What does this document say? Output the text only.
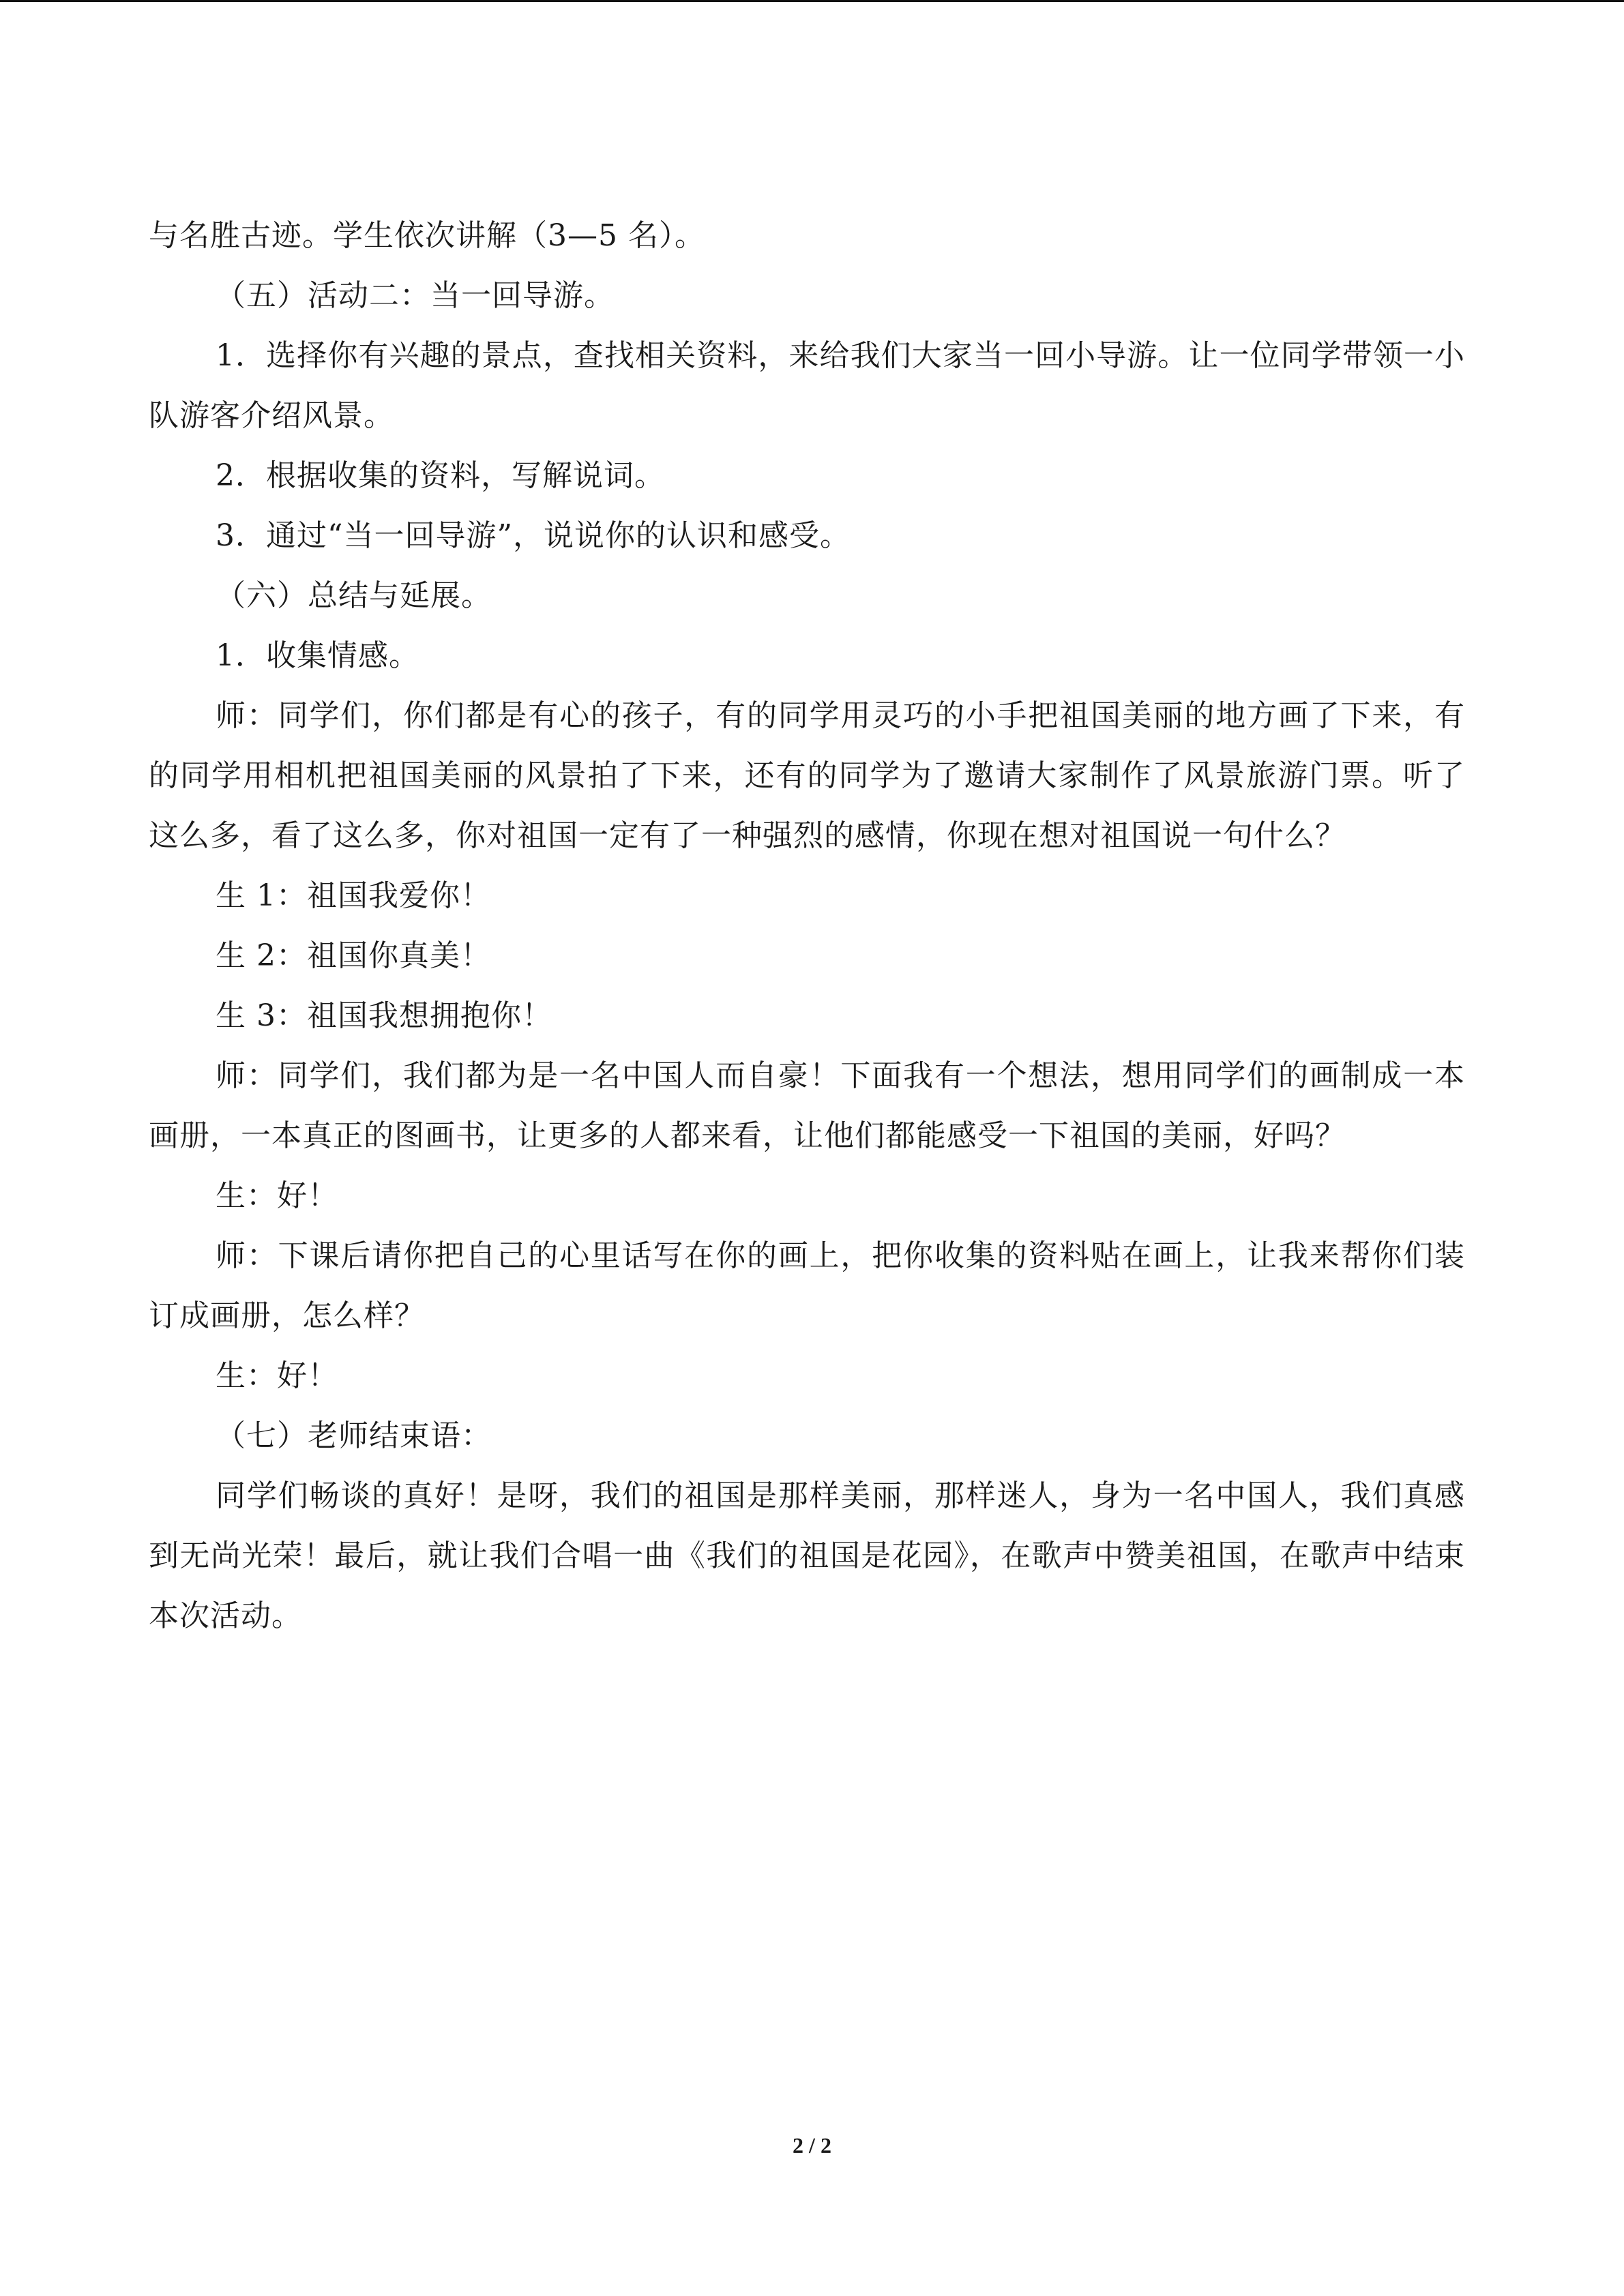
与名胜古迹。学生依次讲解（3—5 名）。

（五）活动二：当一回导游。

1．选择你有兴趣的景点，查找相关资料，来给我们大家当一回小导游。让一位同学带领一小队游客介绍风景。

2．根据收集的资料，写解说词。

3．通过“当一回导游”，说说你的认识和感受。

（六）总结与延展。

1．收集情感。

师：同学们，你们都是有心的孩子，有的同学用灵巧的小手把祖国美丽的地方画了下来，有的同学用相机把祖国美丽的风景拍了下来，还有的同学为了邀请大家制作了风景旅游门票。听了这么多，看了这么多，你对祖国一定有了一种强烈的感情，你现在想对祖国说一句什么？

生 1：祖国我爱你！

生 2：祖国你真美！

生 3：祖国我想拥抱你！

师：同学们，我们都为是一名中国人而自豪！下面我有一个想法，想用同学们的画制成一本画册，一本真正的图画书，让更多的人都来看，让他们都能感受一下祖国的美丽，好吗？

生：好！

师：下课后请你把自己的心里话写在你的画上，把你收集的资料贴在画上，让我来帮你们装订成画册，怎么样？

生：好！

（七）老师结束语：

同学们畅谈的真好！是呀，我们的祖国是那样美丽，那样迷人，身为一名中国人，我们真感到无尚光荣！最后，就让我们合唱一曲《我们的祖国是花园》，在歌声中赞美祖国，在歌声中结束本次活动。

2 / 2
